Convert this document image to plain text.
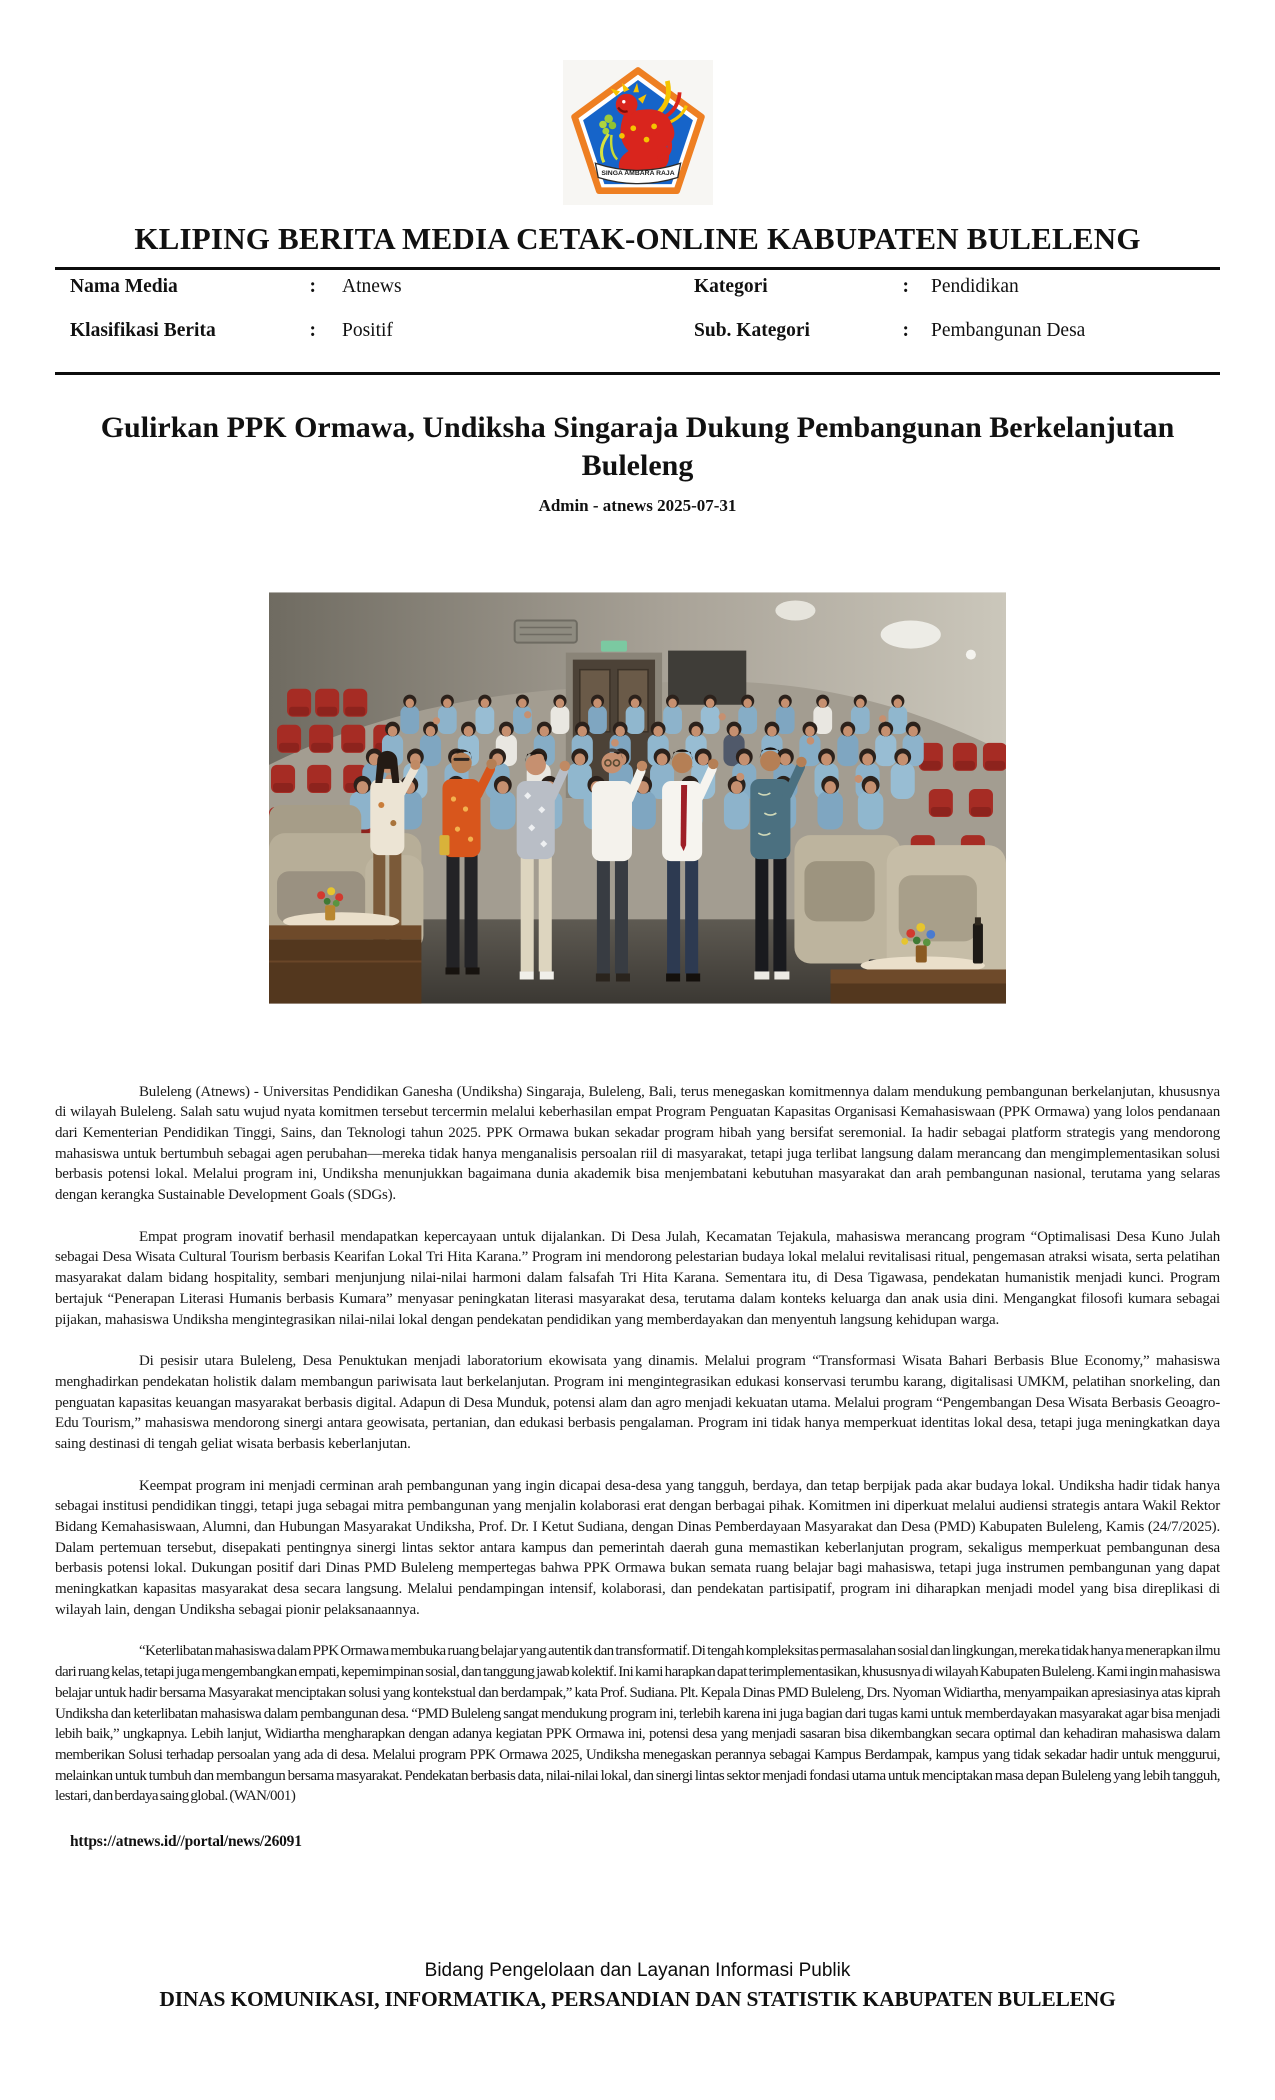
SINGA AMBARA RAJA
KLIPING BERITA MEDIA CETAK-ONLINE KABUPATEN BULELENG
Nama Media	: Atnews	Kategori	: Pendidikan
Klasifikasi Berita	: Positif	Sub. Kategori	: Pembangunan Desa
Gulirkan PPK Ormawa, Undiksha Singaraja Dukung Pembangunan Berkelanjutan Buleleng
Admin - atnews 2025-07-31

Buleleng (Atnews) - Universitas Pendidikan Ganesha (Undiksha) Singaraja, Buleleng, Bali, terus menegaskan komitmennya dalam mendukung pembangunan berkelanjutan, khususnya di wilayah Buleleng. Salah satu wujud nyata komitmen tersebut tercermin melalui keberhasilan empat Program Penguatan Kapasitas Organisasi Kemahasiswaan (PPK Ormawa) yang lolos pendanaan dari Kementerian Pendidikan Tinggi, Sains, dan Teknologi tahun 2025. PPK Ormawa bukan sekadar program hibah yang bersifat seremonial. Ia hadir sebagai platform strategis yang mendorong mahasiswa untuk bertumbuh sebagai agen perubahan—mereka tidak hanya menganalisis persoalan riil di masyarakat, tetapi juga terlibat langsung dalam merancang dan mengimplementasikan solusi berbasis potensi lokal. Melalui program ini, Undiksha menunjukkan bagaimana dunia akademik bisa menjembatani kebutuhan masyarakat dan arah pembangunan nasional, terutama yang selaras dengan kerangka Sustainable Development Goals (SDGs).

Empat program inovatif berhasil mendapatkan kepercayaan untuk dijalankan. Di Desa Julah, Kecamatan Tejakula, mahasiswa merancang program “Optimalisasi Desa Kuno Julah sebagai Desa Wisata Cultural Tourism berbasis Kearifan Lokal Tri Hita Karana.” Program ini mendorong pelestarian budaya lokal melalui revitalisasi ritual, pengemasan atraksi wisata, serta pelatihan masyarakat dalam bidang hospitality, sembari menjunjung nilai-nilai harmoni dalam falsafah Tri Hita Karana. Sementara itu, di Desa Tigawasa, pendekatan humanistik menjadi kunci. Program bertajuk “Penerapan Literasi Humanis berbasis Kumara” menyasar peningkatan literasi masyarakat desa, terutama dalam konteks keluarga dan anak usia dini. Mengangkat filosofi kumara sebagai pijakan, mahasiswa Undiksha mengintegrasikan nilai-nilai lokal dengan pendekatan pendidikan yang memberdayakan dan menyentuh langsung kehidupan warga.

Di pesisir utara Buleleng, Desa Penuktukan menjadi laboratorium ekowisata yang dinamis. Melalui program “Transformasi Wisata Bahari Berbasis Blue Economy,” mahasiswa menghadirkan pendekatan holistik dalam membangun pariwisata laut berkelanjutan. Program ini mengintegrasikan edukasi konservasi terumbu karang, digitalisasi UMKM, pelatihan snorkeling, dan penguatan kapasitas keuangan masyarakat berbasis digital. Adapun di Desa Munduk, potensi alam dan agro menjadi kekuatan utama. Melalui program “Pengembangan Desa Wisata Berbasis Geoagro-Edu Tourism,” mahasiswa mendorong sinergi antara geowisata, pertanian, dan edukasi berbasis pengalaman. Program ini tidak hanya memperkuat identitas lokal desa, tetapi juga meningkatkan daya saing destinasi di tengah geliat wisata berbasis keberlanjutan.

Keempat program ini menjadi cerminan arah pembangunan yang ingin dicapai desa-desa yang tangguh, berdaya, dan tetap berpijak pada akar budaya lokal. Undiksha hadir tidak hanya sebagai institusi pendidikan tinggi, tetapi juga sebagai mitra pembangunan yang menjalin kolaborasi erat dengan berbagai pihak. Komitmen ini diperkuat melalui audiensi strategis antara Wakil Rektor Bidang Kemahasiswaan, Alumni, dan Hubungan Masyarakat Undiksha, Prof. Dr. I Ketut Sudiana, dengan Dinas Pemberdayaan Masyarakat dan Desa (PMD) Kabupaten Buleleng, Kamis (24/7/2025). Dalam pertemuan tersebut, disepakati pentingnya sinergi lintas sektor antara kampus dan pemerintah daerah guna memastikan keberlanjutan program, sekaligus memperkuat pembangunan desa berbasis potensi lokal. Dukungan positif dari Dinas PMD Buleleng mempertegas bahwa PPK Ormawa bukan semata ruang belajar bagi mahasiswa, tetapi juga instrumen pembangunan yang dapat meningkatkan kapasitas masyarakat desa secara langsung. Melalui pendampingan intensif, kolaborasi, dan pendekatan partisipatif, program ini diharapkan menjadi model yang bisa direplikasi di wilayah lain, dengan Undiksha sebagai pionir pelaksanaannya.

“Keterlibatan mahasiswa dalam PPK Ormawa membuka ruang belajar yang autentik dan transformatif. Di tengah kompleksitas permasalahan sosial dan lingkungan, mereka tidak hanya menerapkan ilmu dari ruang kelas, tetapi juga mengembangkan empati, kepemimpinan sosial, dan tanggung jawab kolektif. Ini kami harapkan dapat terimplementasikan, khususnya di wilayah Kabupaten Buleleng. Kami ingin mahasiswa belajar untuk hadir bersama Masyarakat menciptakan solusi yang kontekstual dan berdampak,” kata Prof. Sudiana. Plt. Kepala Dinas PMD Buleleng, Drs. Nyoman Widiartha, menyampaikan apresiasinya atas kiprah Undiksha dan keterlibatan mahasiswa dalam pembangunan desa. “PMD Buleleng sangat mendukung program ini, terlebih karena ini juga bagian dari tugas kami untuk memberdayakan masyarakat agar bisa menjadi lebih baik,” ungkapnya. Lebih lanjut, Widiartha mengharapkan dengan adanya kegiatan PPK Ormawa ini, potensi desa yang menjadi sasaran bisa dikembangkan secara optimal dan kehadiran mahasiswa dalam memberikan Solusi terhadap persoalan yang ada di desa. Melalui program PPK Ormawa 2025, Undiksha menegaskan perannya sebagai Kampus Berdampak, kampus yang tidak sekadar hadir untuk menggurui, melainkan untuk tumbuh dan membangun bersama masyarakat. Pendekatan berbasis data, nilai-nilai lokal, dan sinergi lintas sektor menjadi fondasi utama untuk menciptakan masa depan Buleleng yang lebih tangguh, lestari, dan berdaya saing global. (WAN/001)

https://atnews.id//portal/news/26091
Bidang Pengelolaan dan Layanan Informasi Publik
DINAS KOMUNIKASI, INFORMATIKA, PERSANDIAN DAN STATISTIK KABUPATEN BULELENG
